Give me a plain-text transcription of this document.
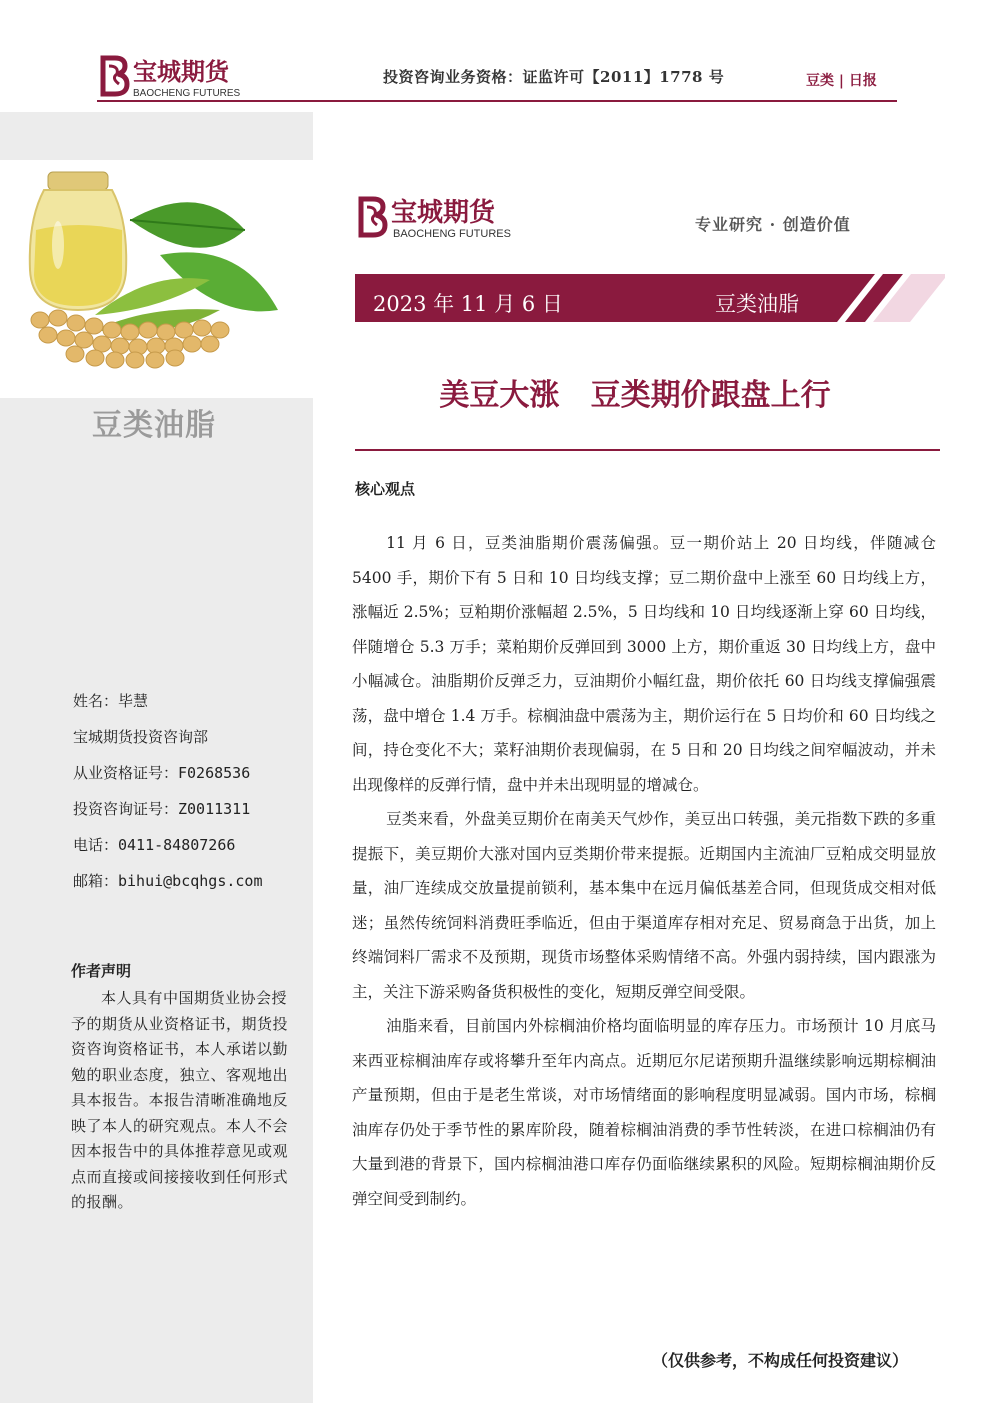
宝城期货
BAOCHENG FUTURES
投资咨询业务资格：证监许可【2011】1778 号	豆类 | 日报
豆类油脂
姓名：毕慧
宝城期货投资咨询部
从业资格证号：F0268536
投资咨询证号：Z0011311
电话：0411-84807266
邮箱：bihui@bcqhgs.com
作者声明
本人具有中国期货业协会授予的期货从业资格证书，期货投资咨询资格证书，本人承诺以勤勉的职业态度，独立、客观地出具本报告。本报告清晰准确地反映了本人的研究观点。本人不会因本报告中的具体推荐意见或观点而直接或间接接收到任何形式的报酬。
宝城期货
BAOCHENG FUTURES	专业研究 · 创造价值
2023 年 11 月 6 日	豆类油脂
美豆大涨   豆类期价跟盘上行
核心观点

11 月 6 日，豆类油脂期价震荡偏强。豆一期价站上 20 日均线，伴随减仓 5400 手，期价下有 5 日和 10 日均线支撑；豆二期价盘中上涨至 60 日均线上方，涨幅近 2.5%；豆粕期价涨幅超 2.5%，5 日均线和 10 日均线逐渐上穿 60 日均线，伴随增仓 5.3 万手；菜粕期价反弹回到 3000 上方，期价重返 30 日均线上方，盘中小幅减仓。油脂期价反弹乏力，豆油期价小幅红盘，期价依托 60 日均线支撑偏强震荡，盘中增仓 1.4 万手。棕榈油盘中震荡为主，期价运行在 5 日均价和 60 日均线之间，持仓变化不大；菜籽油期价表现偏弱，在 5 日和 20 日均线之间窄幅波动，并未出现像样的反弹行情，盘中并未出现明显的增减仓。

豆类来看，外盘美豆期价在南美天气炒作，美豆出口转强，美元指数下跌的多重提振下，美豆期价大涨对国内豆类期价带来提振。近期国内主流油厂豆粕成交明显放量，油厂连续成交放量提前锁利，基本集中在远月偏低基差合同，但现货成交相对低迷；虽然传统饲料消费旺季临近，但由于渠道库存相对充足、贸易商急于出货，加上终端饲料厂需求不及预期，现货市场整体采购情绪不高。外强内弱持续，国内跟涨为主，关注下游采购备货积极性的变化，短期反弹空间受限。

油脂来看，目前国内外棕榈油价格均面临明显的库存压力。市场预计 10 月底马来西亚棕榈油库存或将攀升至年内高点。近期厄尔尼诺预期升温继续影响远期棕榈油产量预期，但由于是老生常谈，对市场情绪面的影响程度明显减弱。国内市场，棕榈油库存仍处于季节性的累库阶段，随着棕榈油消费的季节性转淡，在进口棕榈油仍有大量到港的背景下，国内棕榈油港口库存仍面临继续累积的风险。短期棕榈油期价反弹空间受到制约。

（仅供参考，不构成任何投资建议）
